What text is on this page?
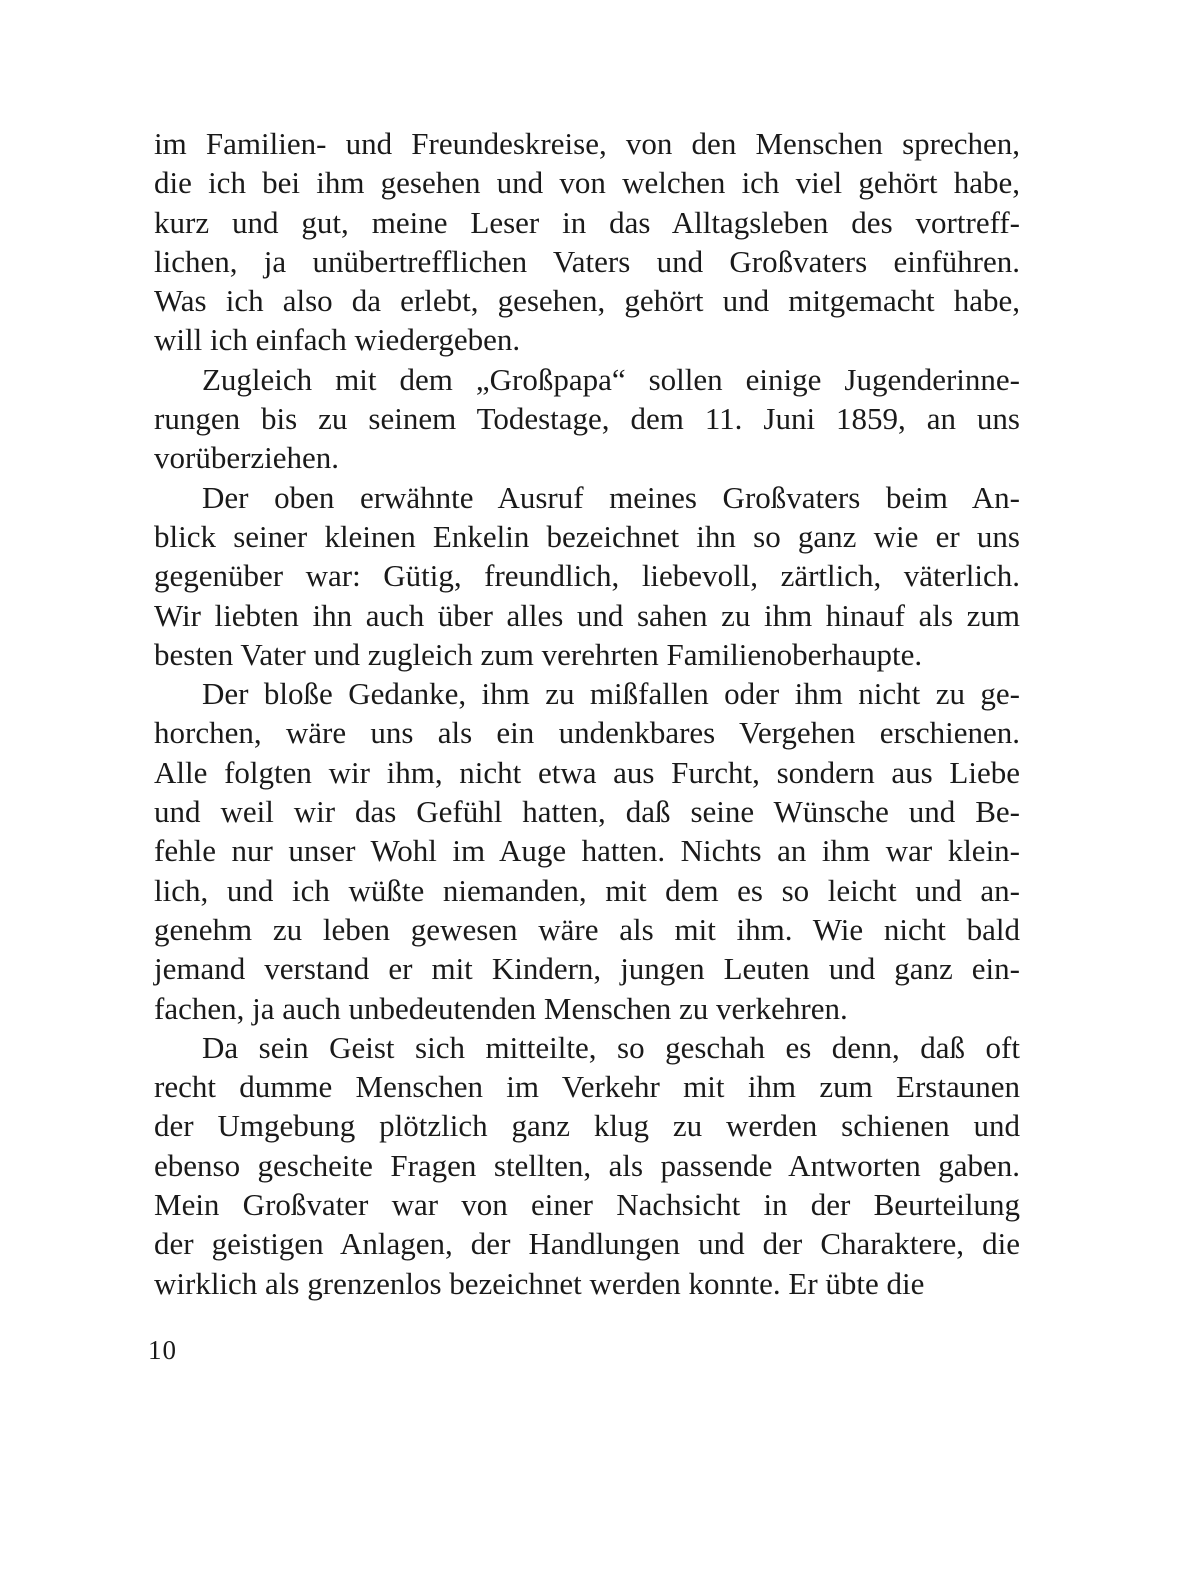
im Familien- und Freundeskreise, von den Menschen sprechen,
die ich bei ihm gesehen und von welchen ich viel gehört habe,
kurz und gut, meine Leser in das Alltagsleben des vortreff-
lichen, ja unübertrefflichen Vaters und Großvaters einführen.
Was ich also da erlebt, gesehen, gehört und mitgemacht habe,
will ich einfach wiedergeben.
Zugleich mit dem „Großpapa“ sollen einige Jugenderinne-
rungen bis zu seinem Todestage, dem 11. Juni 1859, an uns
vorüberziehen.
Der oben erwähnte Ausruf meines Großvaters beim An-
blick seiner kleinen Enkelin bezeichnet ihn so ganz wie er uns
gegenüber war: Gütig, freundlich, liebevoll, zärtlich, väterlich.
Wir liebten ihn auch über alles und sahen zu ihm hinauf als zum
besten Vater und zugleich zum verehrten Familienoberhaupte.
Der bloße Gedanke, ihm zu mißfallen oder ihm nicht zu ge-
horchen, wäre uns als ein undenkbares Vergehen erschienen.
Alle folgten wir ihm, nicht etwa aus Furcht, sondern aus Liebe
und weil wir das Gefühl hatten, daß seine Wünsche und Be-
fehle nur unser Wohl im Auge hatten. Nichts an ihm war klein-
lich, und ich wüßte niemanden, mit dem es so leicht und an-
genehm zu leben gewesen wäre als mit ihm. Wie nicht bald
jemand verstand er mit Kindern, jungen Leuten und ganz ein-
fachen, ja auch unbedeutenden Menschen zu verkehren.
Da sein Geist sich mitteilte, so geschah es denn, daß oft
recht dumme Menschen im Verkehr mit ihm zum Erstaunen
der Umgebung plötzlich ganz klug zu werden schienen und
ebenso gescheite Fragen stellten, als passende Antworten gaben.
Mein Großvater war von einer Nachsicht in der Beurteilung
der geistigen Anlagen, der Handlungen und der Charaktere, die
wirklich als grenzenlos bezeichnet werden konnte. Er übte die
10
